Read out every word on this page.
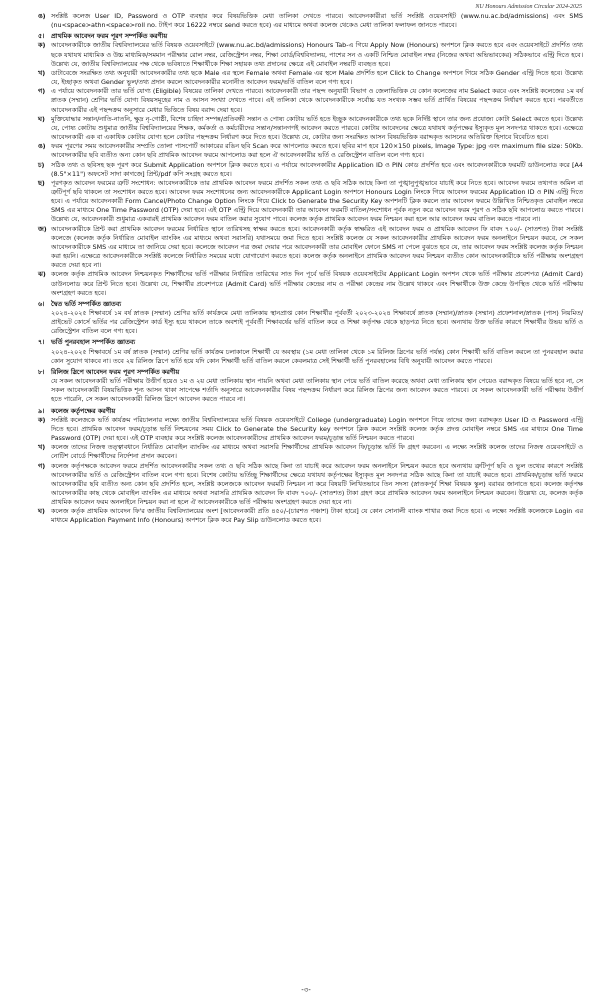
NU Honours Admission Circular 2024-2025
ঙ) সংশ্লিষ্ট কলেজ User ID, Password ও OTP ব্যবহার করে বিষয়ভিত্তিক মেধা তালিকা দেখতে পারবে। আবেদনকারীরা ভর্তি সংশ্লিষ্ট ওয়েবসাইট (www.nu.ac.bd/admissions) এবং SMS (nu<space>athn<space>roll no. টাইপ করে 16222 নম্বরে send করতে হবে) এর মাধ্যমে অথবা কলেজ থেকেও মেধা তালিকা ফলাফল জানতে পারবে।
৫।	প্রাথমিক আবেদন ফরম পূরণ সম্পর্কিত করণীয়
ক) আবেদনকারীকে জাতীয় বিশ্ববিদ্যালয়ের ভর্তি বিষয়ক ওয়েবসাইটে (www.nu.ac.bd/admissions) Honours Tab-এ গিয়ে Apply Now (Honours) অপশনে ক্লিক করতে হবে এবং ওয়েবসাইটে প্রদর্শিত তথ্য ছকে যথাযথ মাধ্যমিক ও উচ্চ মাধ্যমিক/সমমান পরীক্ষার রোল নম্বর, রেজিস্ট্রেশন নম্বর, শিক্ষা বোর্ড/বিশ্ববিদ্যালয়, পাশের সন ও একটি নিশ্চিত মোবাইল নম্বর (নিজের অথবা অভিভাবকের) সঠিকভাবে এন্ট্রি দিতে হবে। উল্লেখ্য যে, জাতীয় বিশ্ববিদ্যালয়ের পক্ষ থেকে ভবিষ্যতে শিক্ষার্থীকে শিক্ষা সহায়ক তথ্য প্রদানের ক্ষেত্রে এই মোবাইল নম্বরটি ব্যবহৃত হবে।
খ) ডাটাবেজে সংরক্ষিত তথ্য অনুযায়ী আবেদনকারীর তথ্য ছকে Male এর স্থলে Female অথবা Female এর স্থলে Male প্রদর্শিত হলে Click to Change অপশনে গিয়ে সঠিক Gender এন্ট্রি দিতে হবে। উল্লেখ্য যে, ইচ্ছাকৃত অথবা Gender ভুল/তথ্য প্রদান করলে আবেদনকারীর মনোনীত আবেদন ফরম/ভর্তি বাতিল বলে গণ্য হবে।
গ) এ পর্যায়ে আবেদনকারী তার ভর্তি যোগ্য (Eligible) বিষয়ের তালিকা দেখতে পারবে। আবেদনকারী তার পছন্দ অনুযায়ী বিভাগ ও জেলাভিত্তিক যে কোন কলেজের নাম Select করবে এবং সংশ্লিষ্ট কলেজের ১ম বর্ষ স্নাতক (সম্মান) শ্রেণির ভর্তি যোগ্য বিষয়সমূহের নাম ও আসন সংখ্যা দেখতে পাবে। এই তালিকা থেকে আবেদনকারীকে সর্বোচ্চ যত সংখ্যক সম্ভব ভর্তি প্রার্থিত বিষয়ের পছন্দক্রম নির্ধারণ করতে হবে। পরবর্তীতে আবেদনকারীর এই পছন্দক্রম অনুসারে মেধার ভিত্তিতে বিষয় বরাদ্দ দেয়া হবে।
ঘ) মুক্তিযোদ্ধার সন্তান/নাতি-নাতনি, ক্ষুদ্র নৃ-গোষ্ঠী, বিশেষ চাহিদা সম্পন্ন/প্রতিবন্ধী সন্তান ও পোষ্য কোটায় ভর্তি হতে ইচ্ছুক আবেদনকারীকে তথ্য ছকে নির্দিষ্ট স্থানে তার জন্য প্রযোজ্য কোটা Select করতে হবে। উল্লেখ্য যে, পোষ্য কোটায় শুধুমাত্র জাতীয় বিশ্ববিদ্যালয়ের শিক্ষক, কর্মকর্তা ও কর্মচারীদের সন্তান/সন্তানগণই আবেদন করতে পারবে। কোটায় আবেদনের ক্ষেত্রে যথাযথ কর্তৃপক্ষের ইস্যুকৃত মূল সনদপত্র থাকতে হবে। এক্ষেত্রে আবেদনকারী এক বা একাধিক কোটায় যোগ্য হলে কোটার পছন্দক্রম নির্ধারণ করে দিতে হবে। উল্লেখ্য যে, কোটার জন্য সংরক্ষিত আসন বিষয়ভিত্তিক বরাদ্দকৃত আসনের অতিরিক্ত হিসাবে বিবেচিত হবে।
ঙ) ফরম পূরণের সময় আবেদনকারীর সম্প্রতি তোলা পাসপোর্ট আকারের রঙিন ছবি Scan করে আপলোড করতে হবে। ছবির মাপ হবে 120×150 pixels, Image Type: jpg এবং maximum file size: 50Kb. আবেদনকারীর ছবি ব্যতীত অন্য কোন ছবি প্রাথমিক আবেদন ফরমে আপলোড করা হলে ঐ আবেদনকারীর ভর্তি ও রেজিস্ট্রেশন বাতিল বলে গণ্য হবে।
চ)	সঠিক তথ্য ও ছবিসহ ছক পূরণ করে Submit Application অপশনে ক্লিক করতে হবে। এ পর্যায়ে আবেদনকারীর Application ID ও PIN কোড প্রদর্শিত হবে এবং আবেদনকারীকে ফরমটি ডাউনলোড করে [A4 (8.5"×11") অফসেট সাদা কাগজে] প্রিন্ট/pdf কপি সংগ্রহ করতে হবে।
ছ) পূরণকৃত আবেদন ফরমের ত্রুটি সংশোধন: আবেদনকারীকে তার প্রাথমিক আবেদন ফরমে প্রদর্শিত সকল তথ্য ও ছবি সঠিক আছে কিনা তা পুঙ্খানুপুঙ্খভাবে যাচাই করে নিতে হবে। আবেদন ফরমে তথ্যগত অমিল বা ত্রুটিপূর্ণ ছবি থাকলে তা সংশোধন করতে হবে। আবেদন ফরম সংশোধনের জন্য আবেদনকারীকে Applicant Login অপশনে Honours Login লিংকে গিয়ে আবেদন ফরমের Application ID ও PIN এন্ট্রি দিতে হবে। এ পর্যায়ে আবেদনকারী Form Cancel/Photo Change Option লিংকে গিয়ে Click to Generate the Security Key অপশনটি ক্লিক করলে তার আবেদন ফরমে উল্লিখিত নিশ্চিতকৃত মোবাইল নম্বরে SMS এর মাধ্যমে One Time Password (OTP) দেয়া হবে। এই OTP এন্ট্রি দিয়ে আবেদনকারী তার আবেদন ফরমটি বাতিল/সংশোধন পূর্বক নতুন করে আবেদন ফরম পূরণ ও সঠিক ছবি আপলোড করতে পারবে। উল্লেখ্য যে, আবেদনকারী শুধুমাত্র একবারই প্রাথমিক আবেদন ফরম বাতিল করার সুযোগ পাবে। কলেজ কর্তৃক প্রাথমিক আবেদন ফরম নিশ্চয়ন করা হলে আর আবেদন ফরম বাতিল করতে পারবে না।
জ) আবেদনকারীকে প্রিন্ট করা প্রাথমিক আবেদন ফরমের নির্ধারিত স্থানে তারিখসহ স্বাক্ষর করতে হবে। আবেদনকারী কর্তৃক স্বাক্ষরিত এই আবেদন ফরম ও প্রাথমিক আবেদন ফি বাবদ ৭০০/- (সাতশত) টাকা সংশ্লিষ্ট কলেজে (কলেজ কর্তৃক নির্ধারিত মোবাইল ব্যাংকিং এর মাধ্যমে অথবা সরাসরি) যথাসময়ে জমা দিতে হবে। সংশ্লিষ্ট কলেজ যে সকল আবেদনকারীর প্রাথমিক আবেদন ফরম অনলাইনে নিশ্চয়ন করবে, সে সকল আবেদনকারীকে SMS এর মাধ্যমে তা জানিয়ে দেয়া হবে। কলেজে আবেদন পত্র জমা দেয়ার পরে আবেদনকারী তার মোবাইল ফোনে SMS না পেলে বুঝতে হবে যে, তার আবেদন ফরম সংশ্লিষ্ট কলেজ কর্তৃক নিশ্চয়ন করা হয়নি। এক্ষেত্রে আবেদনকারীকে সংশ্লিষ্ট কলেজে নির্ধারিত সময়ের মধ্যে যোগাযোগ করতে হবে। কলেজ কর্তৃক অনলাইনে প্রাথমিক আবেদন ফরম নিশ্চয়ন ব্যতীত কোন আবেদনকারীকে ভর্তি পরীক্ষায় অংশগ্রহণ করতে দেয়া হবে না।
ঝ) কলেজ কর্তৃক প্রাথমিক আবেদন নিশ্চয়নকৃত শিক্ষার্থীদের ভর্তি পরীক্ষার নির্ধারিত তারিখের সাত দিন পূর্বে ভর্তি বিষয়ক ওয়েবসাইটের Applicant Login অপশন থেকে ভর্তি পরীক্ষার প্রবেশপত্র (Admit Card) ডাউনলোড করে প্রিন্ট নিতে হবে। উল্লেখ্য যে, শিক্ষার্থীর প্রবেশপত্রে (Admit Card) ভর্তি পরীক্ষার কেন্দ্রের নাম ও পরীক্ষা কেন্দ্রের নাম উল্লেখ থাকবে এবং শিক্ষার্থীকে উক্ত কেন্দ্রে উপস্থিত থেকে ভর্তি পরীক্ষায় অংশগ্রহণ করতে হবে।
৬।	দ্বৈত ভর্তি সম্পর্কিত জ্ঞাতব্য
২০২৪-২০২৫ শিক্ষাবর্ষে ১ম বর্ষ স্নাতক (সম্মান) শ্রেণির ভর্তি কার্যক্রমে মেধা তালিকায় স্থানপ্রাপ্ত কোন শিক্ষার্থীর পূর্ববর্তী ২০২৩-২০২৪ শিক্ষাবর্ষে স্নাতক (সম্মান)/স্নাতক (সম্মান) প্রফেশনাল/স্নাতক (পাস) নিয়মিত/প্রাইভেট কোর্সে ভর্তির পর রেজিস্ট্রেশন কার্ড ইস্যু হয়ে থাকলে তাকে অবশ্যই পূর্ববর্তী শিক্ষাবর্ষের ভর্তি বাতিল করে ও শিক্ষা কর্তৃপক্ষ থেকে ছাড়পত্র নিতে হবে। অন্যথায় উক্ত ভর্তির কারণে শিক্ষার্থীর উভয় ভর্তি ও রেজিস্ট্রেশন বাতিল বলে গণ্য হবে।
৭।	ভর্তি পুনরবহাল সম্পর্কিত জ্ঞাতব্য
২০২৪-২০২৫ শিক্ষাবর্ষে ১ম বর্ষ স্নাতক (সম্মান) শ্রেণির ভর্তি কার্যক্রম চলাকালে শিক্ষার্থী যে অবস্থায় (১ম মেধা তালিকা থেকে ১ম রিলিজ স্লিপের ভর্তি পর্যন্ত) কোন শিক্ষার্থী ভর্তি বাতিল করলে তা পুনরবহাল করার কোন সুযোগ থাকবে না। তবে ২য় রিলিজ স্লিপে ভর্তি হয়ে যদি কোন শিক্ষার্থী ভর্তি বাতিল করলে কেবলমাত্র সেই শিক্ষার্থী ভর্তি পুনরবহালের বিধি অনুযায়ী আবেদন করতে পারবে।
৮।	রিলিজ স্লিপে আবেদন ফরম পূরণ সম্পর্কিত করণীয়
যে সকল আবেদনকারী ভর্তি পরীক্ষায় উত্তীর্ণ হয়েও ১ম ও ২য় মেধা তালিকায় স্থান পায়নি অথবা মেধা তালিকায় স্থান পেয়ে ভর্তি বাতিল করেছে অথবা মেধা তালিকায় স্থান পেয়েও বরাদ্দকৃত বিষয়ে ভর্তি হবে না, সে সকল আবেদনকারী বিষয়ভিত্তিক শূন্য আসন থাকা সাপেক্ষে শর্তাদি অনুসারে আবেদনকারীর বিষয় পছন্দক্রম নির্ধারণ করে রিলিজ স্লিপের জন্য আবেদন করতে পারবে। যে সকল আবেদনকারী ভর্তি পরীক্ষায় উত্তীর্ণ হতে পারেনি, সে সকল আবেদনকারী রিলিজ স্লিপে আবেদন করতে পারবে না।
৯।	কলেজ কর্তৃপক্ষের করণীয়
ক) সংশ্লিষ্ট কলেজকে ভর্তি কার্যক্রম পরিচালনার লক্ষ্যে জাতীয় বিশ্ববিদ্যালয়ের ভর্তি বিষয়ক ওয়েবসাইটে College (undergraduate) Login অপশনে গিয়ে তাদের জন্য বরাদ্দকৃত User ID ও Password এন্ট্রি দিতে হবে। প্রাথমিক আবেদন ফরম/চূড়ান্ত ভর্তি নিশ্চয়নের সময় Click to Generate the Security key অপশনে ক্লিক করলে সংশ্লিষ্ট কলেজ কর্তৃক প্রদত্ত মোবাইল নম্বরে SMS এর মাধ্যমে One Time Password (OTP) দেয়া হবে। এই OTP ব্যবহার করে সংশ্লিষ্ট কলেজ আবেদনকারীদের প্রাথমিক আবেদন ফরম/চূড়ান্ত ভর্তি নিশ্চয়ন করতে পারবে।
খ) কলেজ তাদের নিজস্ব তত্ত্বাবধানে নির্ধারিত মোবাইল ব্যাংকিং এর মাধ্যমে অথবা সরাসরি শিক্ষার্থীদের প্রাথমিক আবেদন ফি/চূড়ান্ত ভর্তি ফি গ্রহণ করবেন। এ লক্ষ্যে সংশ্লিষ্ট কলেজ তাদের নিজস্ব ওয়েবসাইটে ও নোটিশ বোর্ডে শিক্ষার্থীদের নির্দেশনা প্রদান করবেন।
গ) কলেজ কর্তৃপক্ষকে আবেদন ফরমে প্রদর্শিত আবেদনকারীর সকল তথ্য ও ছবি সঠিক আছে কিনা তা যাচাই করে আবেদন ফরম অনলাইনে নিশ্চয়ন করতে হবে অন্যথায় ত্রুটিপূর্ণ ছবি ও ভুল তথ্যের কারণে সংশ্লিষ্ট আবেদনকারীর ভর্তি ও রেজিস্ট্রেশন বাতিল বলে গণ্য হবে। বিশেষ কোটায় ভর্তিচ্ছু শিক্ষার্থীদের ক্ষেত্রে যথাযথ কর্তৃপক্ষের ইস্যুকৃত মূল সনদপত্র সঠিক আছে কিনা তা যাচাই করতে হবে। প্রাথমিক/চূড়ান্ত ভর্তি ফরমে আবেদনকারীর ছবি ব্যতীত অন্য কোন ছবি প্রদর্শিত হলে, সংশ্লিষ্ট কলেজকে আবেদন ফরমটি নিশ্চয়ন না করে বিষয়টি লিখিতভাবে তিন সদস্য (স্নাতকপূর্ব শিক্ষা বিষয়ক স্কুল) বরাবর জানাতে হবে। কলেজ কর্তৃপক্ষ আবেদনকারীর কাছ থেকে মোবাইল ব্যাংকিং এর মাধ্যমে অথবা সরাসরি প্রাথমিক আবেদন ফি বাবদ ৭০০/- (সাতশত) টাকা গ্রহণ করে প্রাথমিক আবেদন ফরম অনলাইনে নিশ্চয়ন করবেন। উল্লেখ্য যে, কলেজ কর্তৃক প্রাথমিক আবেদন ফরম অনলাইনে নিশ্চয়ন করা না হলে ঐ আবেদনকারীকে ভর্তি পরীক্ষায় অংশগ্রহণ করতে দেয়া হবে না।
ঘ) কলেজ কর্তৃক প্রাথমিক আবেদন ফি'র জাতীয় বিশ্ববিদ্যালয়ের অংশ [আবেদনকারী প্রতি ৪৫০/-(চারশত পঞ্চাশ) টাকা হারে] যে কোন সোনালী ব্যাংক শাখার জমা দিতে হবে। এ লক্ষ্যে সংশ্লিষ্ট কলেজকে Login এর মাধ্যমে Application Payment Info (Honours) অপশনে ক্লিক করে Pay Slip ডাউনলোড করতে হবে।
-৩-
